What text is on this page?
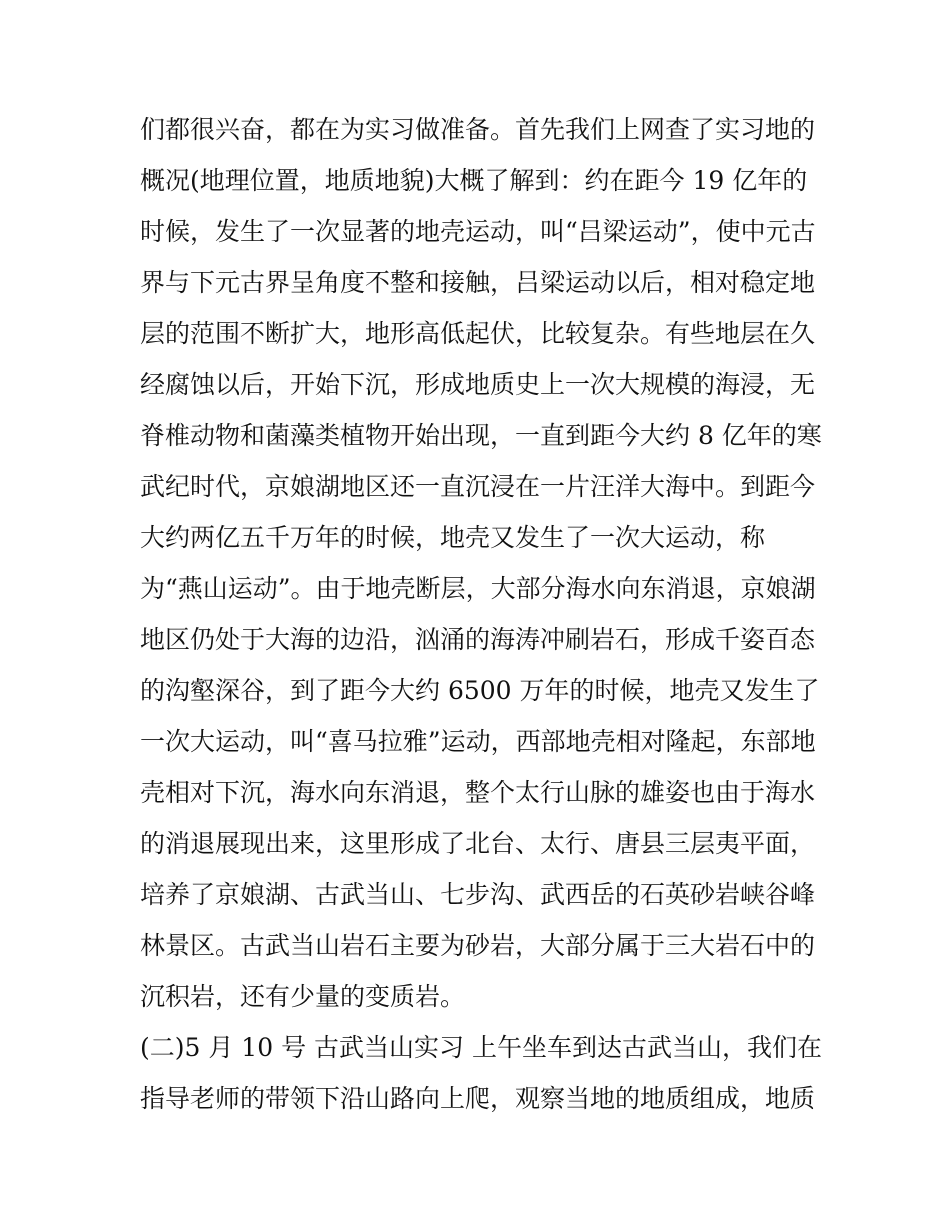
们都很兴奋，都在为实习做准备。首先我们上网查了实习地的
概况(地理位置，地质地貌)大概了解到：约在距今 19 亿年的
时候，发生了一次显著的地壳运动，叫“吕梁运动”，使中元古
界与下元古界呈角度不整和接触，吕梁运动以后，相对稳定地
层的范围不断扩大，地形高低起伏，比较复杂。有些地层在久
经腐蚀以后，开始下沉，形成地质史上一次大规模的海浸，无
脊椎动物和菌藻类植物开始出现，一直到距今大约 8 亿年的寒
武纪时代，京娘湖地区还一直沉浸在一片汪洋大海中。到距今
大约两亿五千万年的时候，地壳又发生了一次大运动，称
为“燕山运动”。由于地壳断层，大部分海水向东消退，京娘湖
地区仍处于大海的边沿，汹涌的海涛冲刷岩石，形成千姿百态
的沟壑深谷，到了距今大约 6500 万年的时候，地壳又发生了
一次大运动，叫“喜马拉雅”运动，西部地壳相对隆起，东部地
壳相对下沉，海水向东消退，整个太行山脉的雄姿也由于海水
的消退展现出来，这里形成了北台、太行、唐县三层夷平面，
培养了京娘湖、古武当山、七步沟、武西岳的石英砂岩峡谷峰
林景区。古武当山岩石主要为砂岩，大部分属于三大岩石中的
沉积岩，还有少量的变质岩。
(二)5 月 10 号 古武当山实习 上午坐车到达古武当山，我们在
指导老师的带领下沿山路向上爬，观察当地的地质组成，地质
